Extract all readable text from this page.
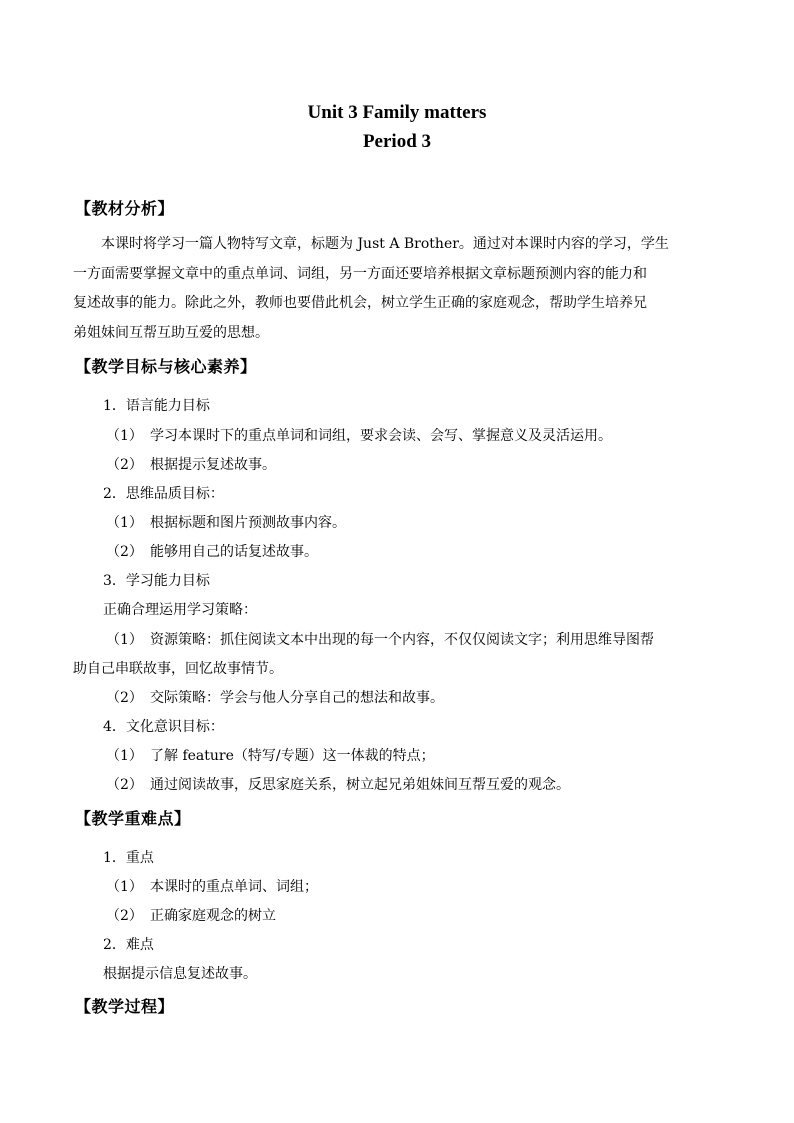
Unit 3 Family matters
Period 3
【教材分析】
本课时将学习一篇人物特写文章，标题为 Just A Brother。通过对本课时内容的学习，学生
一方面需要掌握文章中的重点单词、词组，另一方面还要培养根据文章标题预测内容的能力和
复述故事的能力。除此之外，教师也要借此机会，树立学生正确的家庭观念，帮助学生培养兄
弟姐妹间互帮互助互爱的思想。
【教学目标与核心素养】
1．语言能力目标
（1） 学习本课时下的重点单词和词组，要求会读、会写、掌握意义及灵活运用。
（2） 根据提示复述故事。
2．思维品质目标：
（1） 根据标题和图片预测故事内容。
（2） 能够用自己的话复述故事。
3．学习能力目标
正确合理运用学习策略：
（1） 资源策略：抓住阅读文本中出现的每一个内容，不仅仅阅读文字；利用思维导图帮
助自己串联故事，回忆故事情节。
（2） 交际策略：学会与他人分享自己的想法和故事。
4．文化意识目标：
（1） 了解 feature（特写/专题）这一体裁的特点；
（2） 通过阅读故事，反思家庭关系，树立起兄弟姐妹间互帮互爱的观念。
【教学重难点】
1．重点
（1） 本课时的重点单词、词组；
（2） 正确家庭观念的树立
2．难点
根据提示信息复述故事。
【教学过程】
